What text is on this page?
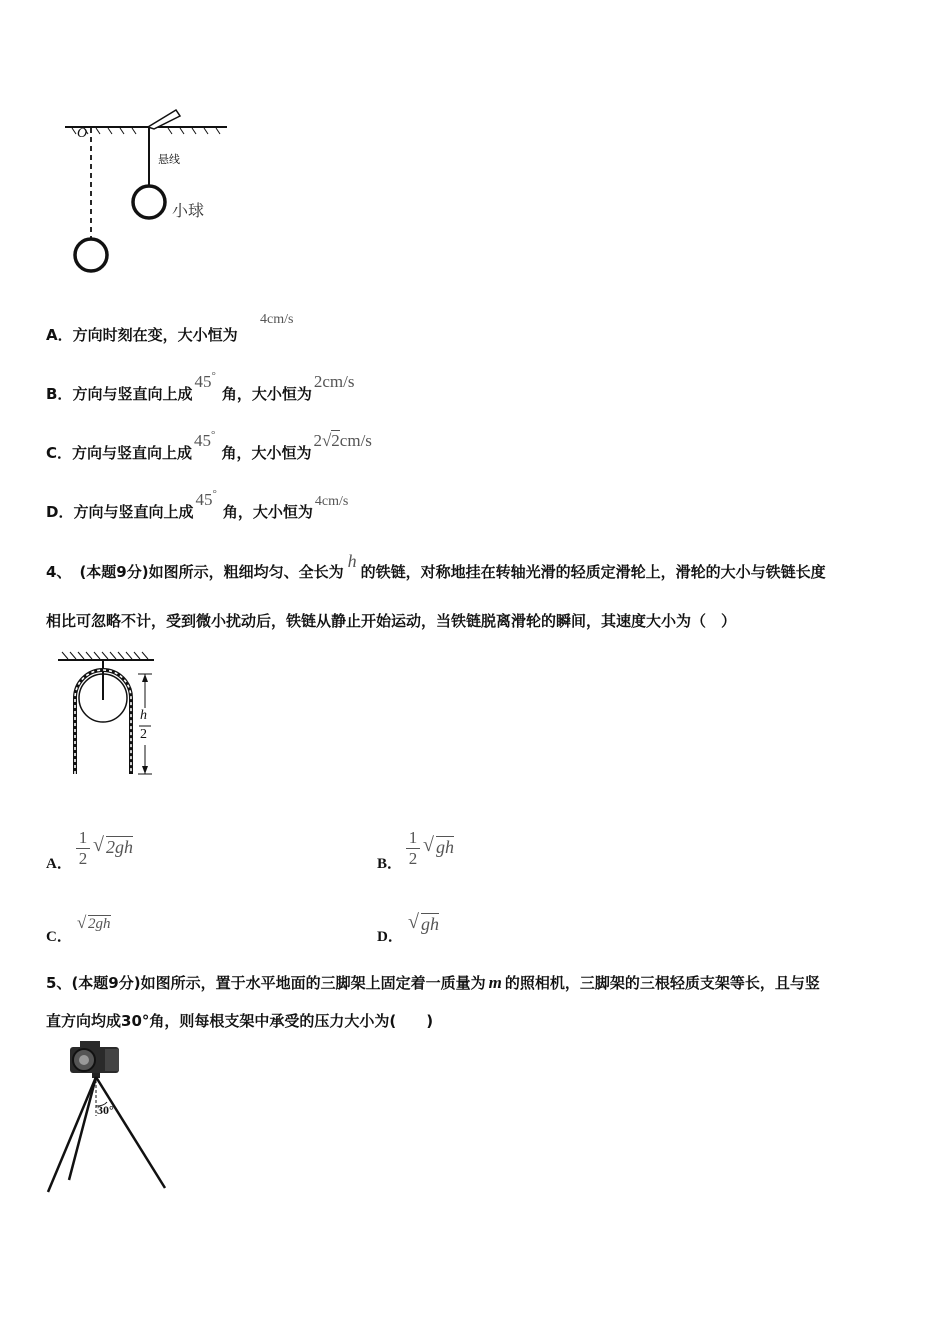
O
悬线
小球
A．方向时刻在变，大小恒为
4cm/s
B．方向与竖直向上成45°角，大小恒为2cm/s
C．方向与竖直向上成45°角，大小恒为2√2cm/s
D．方向与竖直向上成45°角，大小恒为4cm/s
4、 (本题9分)如图所示，粗细均匀、全长为h的铁链，对称地挂在转轴光滑的轻质定滑轮上，滑轮的大小与铁链长度
相比可忽略不计，受到微小扰动后，铁链从静止开始运动，当铁链脱离滑轮的瞬间，其速度大小为（　）
h
2
A． $\frac{1}{2}$ √ 2gh
B． $\frac{1}{2}$ √ gh
C．
√ 2gh
D．
√ gh
5、(本题9分)如图所示，置于水平地面的三脚架上固定着一质量为 m 的照相机，三脚架的三根轻质支架等长，且与竖
直方向均成30°角，则每根支架中承受的压力大小为(　　)
30°
